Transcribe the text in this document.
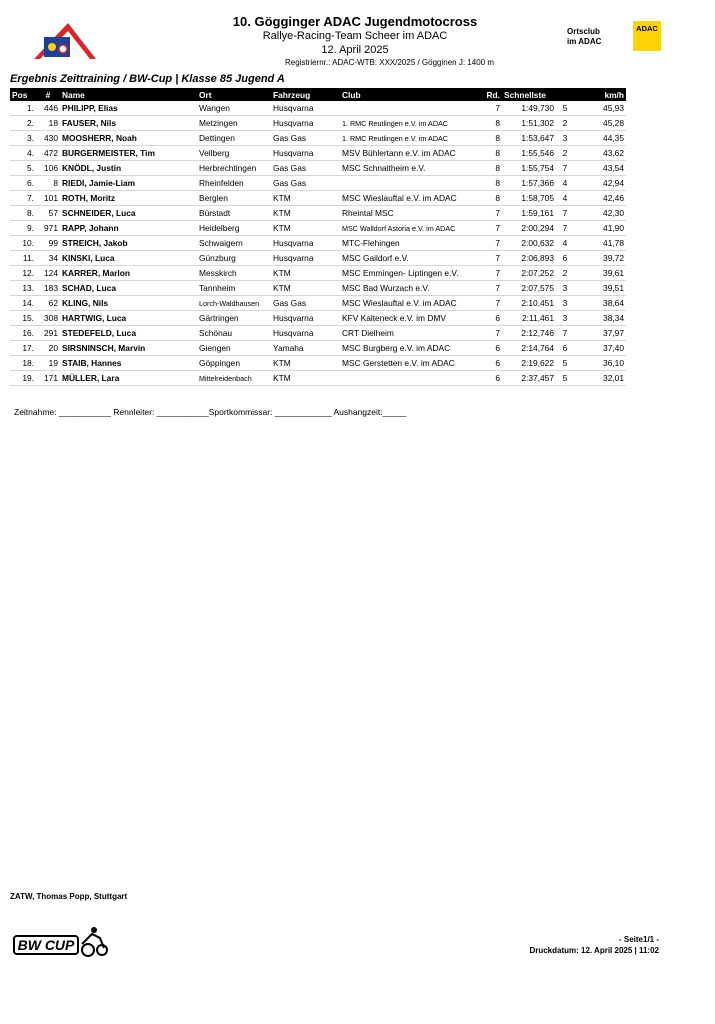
10. Gögginger ADAC Jugendmotocross
Rallye-Racing-Team Scheer im ADAC
12. April 2025
Registriernr.: ADAC-WTB: XXX/2025 / Gögginen J: 1400 m
Ortsclub
im ADAC
ADAC
Ergebnis Zeittraining / BW-Cup | Klasse 85 Jugend A
Pos	#	Name	Ort	Fahrzeug	Club	Rd.	Schnellste		km/h
1.	446	PHILIPP, Elias	Wangen	Husqvarna		7	1:49,730	5	45,93
2.	18	FAUSER, Nils	Metzingen	Husqvarna	1. RMC Reutlingen e.V. im ADAC	8	1:51,302	2	45,28
3.	430	MOOSHERR, Noah	Dettingen	Gas Gas	1. RMC Reutlingen e.V. im ADAC	8	1:53,647	3	44,35
4.	472	BURGERMEISTER, Tim	Vellberg	Husqvarna	MSV Bühlertann e.V. im ADAC	8	1:55,546	2	43,62
5.	106	KNÖDL, Justin	Herbrechtingen	Gas Gas	MSC Schnaitheim e.V.	8	1:55,754	7	43,54
6.	8	RIEDI, Jamie-Liam	Rheinfelden	Gas Gas		8	1:57,366	4	42,94
7.	101	ROTH, Moritz	Berglen	KTM	MSC Wieslauftal e.V. im ADAC	8	1:58,705	4	42,46
8.	57	SCHNEIDER, Luca	Bürstadt	KTM	Rheintal MSC	7	1:59,161	7	42,30
9.	971	RAPP, Johann	Heidelberg	KTM	MSC Walldorf Astoria e.V. im ADAC	7	2:00,294	7	41,90
10.	99	STREICH, Jakob	Schwaigern	Husqvarna	MTC-Flehingen	7	2:00,632	4	41,78
11.	34	KINSKI, Luca	Günzburg	Husqvarna	MSC Gaildorf e.V.	7	2:06,893	6	39,72
12.	124	KARRER, Marlon	Messkirch	KTM	MSC Emmingen- Liptingen e.V.	7	2:07,252	2	39,61
13.	183	SCHAD, Luca	Tannheim	KTM	MSC Bad Wurzach e.V.	7	2:07,575	3	39,51
14.	62	KLING, Nils	Lorch-Waldhausen	Gas Gas	MSC Wieslauftal e.V. im ADAC	7	2:10,451	3	38,64
15.	308	HARTWIG, Luca	Gärtringen	Husqvarna	KFV Kalteneck e.V. im DMV	6	2:11,461	3	38,34
16.	291	STEDEFELD, Luca	Schönau	Husqvarna	CRT Dielheim	7	2:12,746	7	37,97
17.	20	SIRSNINSCH, Marvin	Giengen	Yamaha	MSC Burgberg e.V. im ADAC	6	2:14,764	6	37,40
18.	19	STAIB, Hannes	Göppingen	KTM	MSC Gerstetten e.V. im ADAC	6	2:19,622	5	36,10
19.	171	MÜLLER, Lara	Mittelreidenbach	KTM		6	2:37,457	5	32,01
Zeitnahme: ___________ Rennleiter: ___________Sportkommissar: ____________ Aushangzeit:_____
ZATW, Thomas Popp, Stuttgart
BW CUP	- Seite1/1 -
Druckdatum: 12. April 2025 | 11:02
